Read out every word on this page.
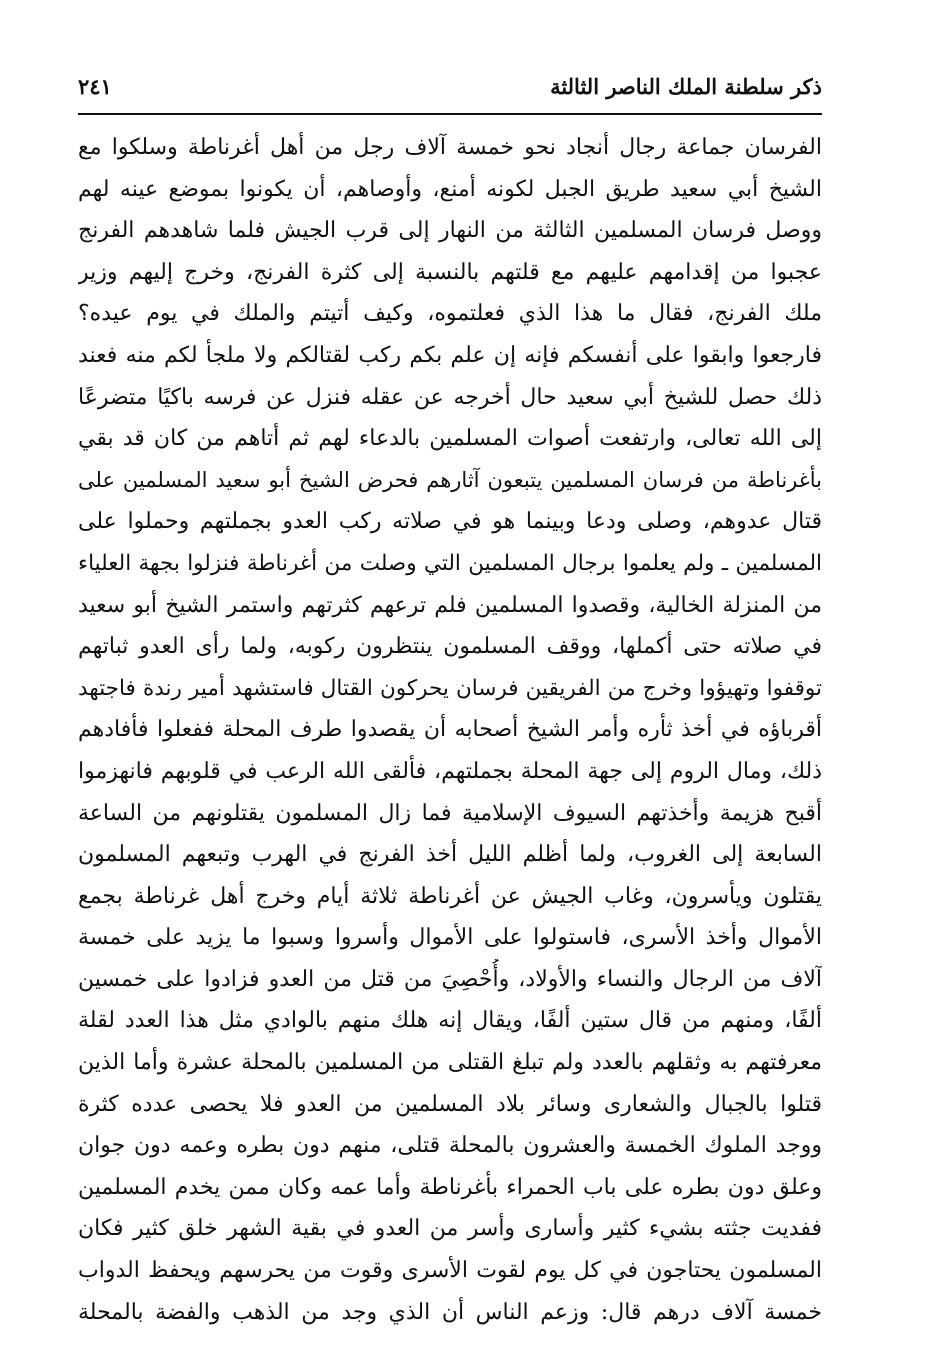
ذكر سلطنة الملك الناصر الثالثة
٢٤١
الفرسان جماعة رجال أنجاد نحو خمسة آلاف رجل من أهل أغرناطة وسلكوا مع
الشيخ أبي سعيد طريق الجبل لكونه أمنع، وأوصاهم، أن يكونوا بموضع عينه لهم
ووصل فرسان المسلمين الثالثة من النهار إلى قرب الجيش فلما شاهدهم الفرنج
عجبوا من إقدامهم عليهم مع قلتهم بالنسبة إلى كثرة الفرنج، وخرج إليهم وزير
ملك الفرنج، فقال ما هذا الذي فعلتموه، وكيف أتيتم والملك في يوم عيده؟
فارجعوا وابقوا على أنفسكم فإنه إن علم بكم ركب لقتالكم ولا ملجأ لكم منه فعند
ذلك حصل للشيخ أبي سعيد حال أخرجه عن عقله فنزل عن فرسه باكيًا متضرعًا
إلى الله تعالى، وارتفعت أصوات المسلمين بالدعاء لهم ثم أتاهم من كان قد بقي
بأغرناطة من فرسان المسلمين يتبعون آثارهم فحرض الشيخ أبو سعيد المسلمين على
قتال عدوهم، وصلى ودعا وبينما هو في صلاته ركب العدو بجملتهم وحملوا على
المسلمين ـ ولم يعلموا برجال المسلمين التي وصلت من أغرناطة فنزلوا بجهة العلياء
من المنزلة الخالية، وقصدوا المسلمين فلم ترعهم كثرتهم واستمر الشيخ أبو سعيد
في صلاته حتى أكملها، ووقف المسلمون ينتظرون ركوبه، ولما رأى العدو ثباتهم
توقفوا وتهيؤوا وخرج من الفريقين فرسان يحركون القتال فاستشهد أمير رندة فاجتهد
أقرباؤه في أخذ ثأره وأمر الشيخ أصحابه أن يقصدوا طرف المحلة ففعلوا فأفادهم
ذلك، ومال الروم إلى جهة المحلة بجملتهم، فألقى الله الرعب في قلوبهم فانهزموا
أقبح هزيمة وأخذتهم السيوف الإسلامية فما زال المسلمون يقتلونهم من الساعة
السابعة إلى الغروب، ولما أظلم الليل أخذ الفرنج في الهرب وتبعهم المسلمون
يقتلون ويأسرون، وغاب الجيش عن أغرناطة ثلاثة أيام وخرج أهل غرناطة بجمع
الأموال وأخذ الأسرى، فاستولوا على الأموال وأسروا وسبوا ما يزيد على خمسة
آلاف من الرجال والنساء والأولاد، وأُحْصِيَ من قتل من العدو فزادوا على خمسين
ألفًا، ومنهم من قال ستين ألفًا، ويقال إنه هلك منهم بالوادي مثل هذا العدد لقلة
معرفتهم به وثقلهم بالعدد ولم تبلغ القتلى من المسلمين بالمحلة عشرة وأما الذين
قتلوا بالجبال والشعارى وسائر بلاد المسلمين من العدو فلا يحصى عدده كثرة
ووجد الملوك الخمسة والعشرون بالمحلة قتلى، منهم دون بطره وعمه دون جوان
وعلق دون بطره على باب الحمراء بأغرناطة وأما عمه وكان ممن يخدم المسلمين
ففديت جثته بشيء كثير وأسارى وأسر من العدو في بقية الشهر خلق كثير فكان
المسلمون يحتاجون في كل يوم لقوت الأسرى وقوت من يحرسهم ويحفظ الدواب
خمسة آلاف درهم قال: وزعم الناس أن الذي وجد من الذهب والفضة بالمحلة
